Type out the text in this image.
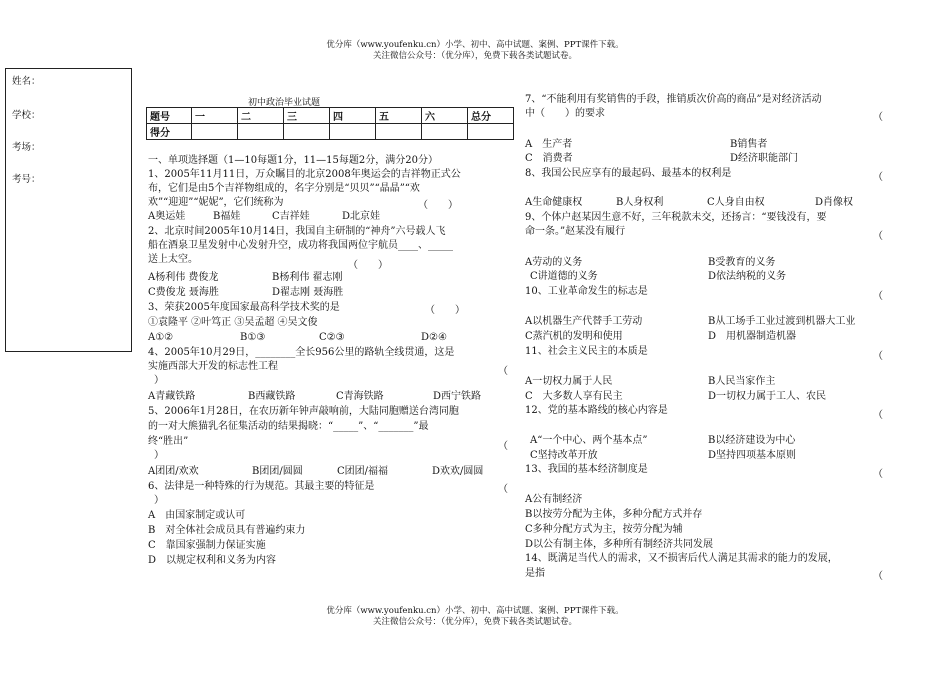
优分库（www.youfenku.cn）小学、初中、高中试题、案例、PPT课件下载。
关注微信公众号：（优分库），免费下载各类试题试卷。
姓名：
学校：
考场：
考号：
初中政治毕业试题
题号	一	二	三	四	五	六	总分
得分							
一、单项选择题（1—10每题1分，11—15每题2分，满分20分）
1、2005年11月11日，万众瞩目的北京2008年奥运会的吉祥物正式公
布，它们是由5个吉祥物组成的，名字分别是“贝贝”“晶晶”“欢
欢”“迎迎”“妮妮”，它们统称为	（　　）
A奥运娃	B福娃	C吉祥娃	D北京娃
2、北京时间2005年10月14日，我国自主研制的“神舟”六号载人飞
船在酒泉卫星发射中心发射升空，成功将我国两位宇航员____、_____
送上太空。
（　　）
A杨利伟 费俊龙	B杨利伟 翟志刚
C费俊龙 聂海胜	D翟志刚 聂海胜
3、荣获2005年度国家最高科学技术奖的是	（　　）
①袁隆平 ②叶笃正 ③吴孟超 ④吴文俊
A①②	B①③	C②③	D②④
4、2005年10月29日，________全长956公里的路轨全线贯通，这是
实施西部大开发的标志性工程	（
）
A青藏铁路	B西藏铁路	C青海铁路	D西宁铁路
5、2006年1月28日，在农历新年钟声敲响前，大陆同胞赠送台湾同胞
的一对大熊猫乳名征集活动的结果揭晓：“_____”、“_______”最
终“胜出”	（
）
A团团/欢欢	B团团/圆圆	C团团/福福	D欢欢/圆圆
6、法律是一种特殊的行为规范。其最主要的特征是	（
）
A　由国家制定或认可
B　对全体社会成员具有普遍约束力
C　靠国家强制力保证实施
D　以规定权利和义务为内容
7、“不能利用有奖销售的手段，推销质次价高的商品”是对经济活动
中（　　）的要求	（
A　生产者	B销售者
C　消费者	D经济职能部门
8、我国公民应享有的最起码、最基本的权利是	（
A生命健康权	B人身权利	C人身自由权	D肖像权
9、个体户赵某因生意不好，三年税款未交，还扬言：“要钱没有，要
命一条。”赵某没有履行	（
A劳动的义务	B受教育的义务
C讲道德的义务	D依法纳税的义务
10、工业革命发生的标志是	（
A以机器生产代替手工劳动	B从工场手工业过渡到机器大工业
C蒸汽机的发明和使用	D　用机器制造机器
11、社会主义民主的本质是	（
A一切权力属于人民	B人民当家作主
C　大多数人享有民主	D一切权力属于工人、农民
12、党的基本路线的核心内容是	（
A“一个中心、两个基本点”	B以经济建设为中心
C坚持改革开放	D坚持四项基本原则
13、我国的基本经济制度是	（
A公有制经济
B以按劳分配为主体，多种分配方式并存
C多种分配方式为主，按劳分配为辅
D以公有制主体，多种所有制经济共同发展
14、既满足当代人的需求，又不损害后代人满足其需求的能力的发展，
是指	（
优分库（www.youfenku.cn）小学、初中、高中试题、案例、PPT课件下载。
关注微信公众号：（优分库），免费下载各类试题试卷。
